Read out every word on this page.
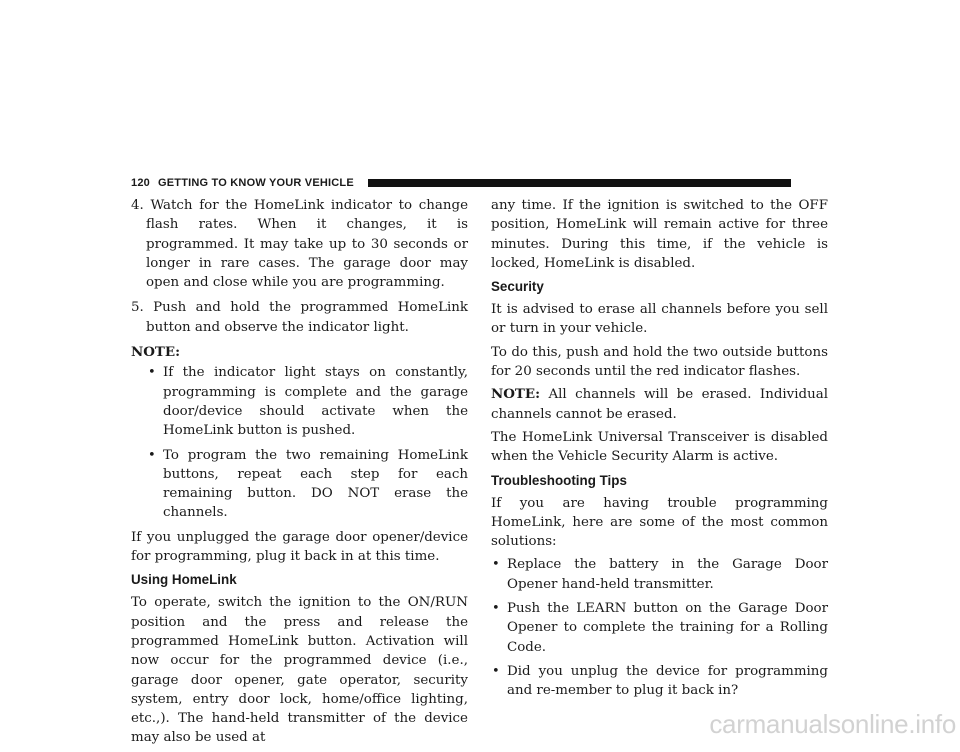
120 GETTING TO KNOW YOUR VEHICLE

4. Watch for the HomeLink indicator to change flash rates. When it changes, it is programmed. It may take up to 30 seconds or longer in rare cases. The garage door may open and close while you are programming.

5. Push and hold the programmed HomeLink button and observe the indicator light.

NOTE:

• If the indicator light stays on constantly, programming is complete and the garage door/device should activate when the HomeLink button is pushed.
• To program the two remaining HomeLink buttons, repeat each step for each remaining button. DO NOT erase the channels.

If you unplugged the garage door opener/device for programming, plug it back in at this time.

Using HomeLink

To operate, switch the ignition to the ON/RUN position and the press and release the programmed HomeLink button. Activation will now occur for the programmed device (i.e., garage door opener, gate operator, security system, entry door lock, home/office lighting, etc.,). The hand-held transmitter of the device may also be used at

any time. If the ignition is switched to the OFF position, HomeLink will remain active for three minutes. During this time, if the vehicle is locked, HomeLink is disabled.

Security

It is advised to erase all channels before you sell or turn in your vehicle.

To do this, push and hold the two outside buttons for 20 seconds until the red indicator flashes.

NOTE: All channels will be erased. Individual channels cannot be erased.

The HomeLink Universal Transceiver is disabled when the Vehicle Security Alarm is active.

Troubleshooting Tips

If you are having trouble programming HomeLink, here are some of the most common solutions:

• Replace the battery in the Garage Door Opener hand-held transmitter.
• Push the LEARN button on the Garage Door Opener to complete the training for a Rolling Code.
• Did you unplug the device for programming and re-member to plug it back in?
carmanualsonline.info
